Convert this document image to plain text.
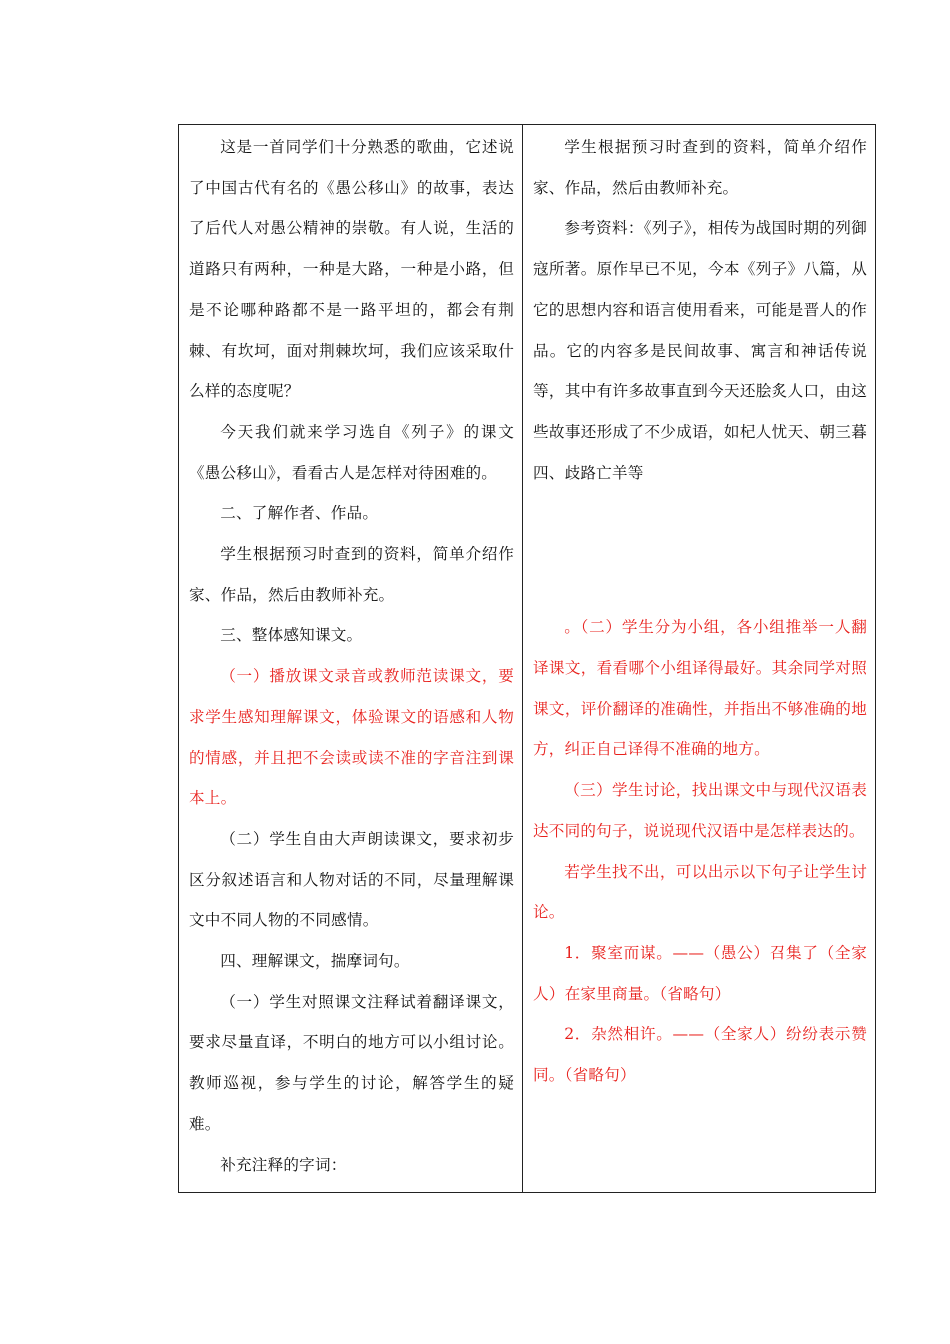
这是一首同学们十分熟悉的歌曲，它述说了中国古代有名的《愚公移山》的故事，表达了后代人对愚公精神的崇敬。有人说，生活的道路只有两种，一种是大路，一种是小路，但是不论哪种路都不是一路平坦的，都会有荆棘、有坎坷，面对荆棘坎坷，我们应该采取什么样的态度呢？

今天我们就来学习选自《列子》的课文《愚公移山》，看看古人是怎样对待困难的。

二、了解作者、作品。

学生根据预习时查到的资料，简单介绍作家、作品，然后由教师补充。

三、整体感知课文。

（一）播放课文录音或教师范读课文，要求学生感知理解课文，体验课文的语感和人物的情感，并且把不会读或读不准的字音注到课本上。

（二）学生自由大声朗读课文，要求初步区分叙述语言和人物对话的不同，尽量理解课文中不同人物的不同感情。

四、理解课文，揣摩词句。

（一）学生对照课文注释试着翻译课文，要求尽量直译，不明白的地方可以小组讨论。教师巡视，参与学生的讨论，解答学生的疑难。

补充注释的字词：

学生根据预习时查到的资料，简单介绍作家、作品，然后由教师补充。

参考资料：《列子》，相传为战国时期的列御寇所著。原作早已不见，今本《列子》八篇，从它的思想内容和语言使用看来，可能是晋人的作品。它的内容多是民间故事、寓言和神话传说等，其中有许多故事直到今天还脍炙人口，由这些故事还形成了不少成语，如杞人忧天、朝三暮四、歧路亡羊等

。（二）学生分为小组，各小组推举一人翻译课文，看看哪个小组译得最好。其余同学对照课文，评价翻译的准确性，并指出不够准确的地方，纠正自己译得不准确的地方。

（三）学生讨论，找出课文中与现代汉语表达不同的句子，说说现代汉语中是怎样表达的。

若学生找不出，可以出示以下句子让学生讨论。

1．聚室而谋。——（愚公）召集了（全家人）在家里商量。（省略句）

2．杂然相许。——（全家人）纷纷表示赞同。（省略句）
